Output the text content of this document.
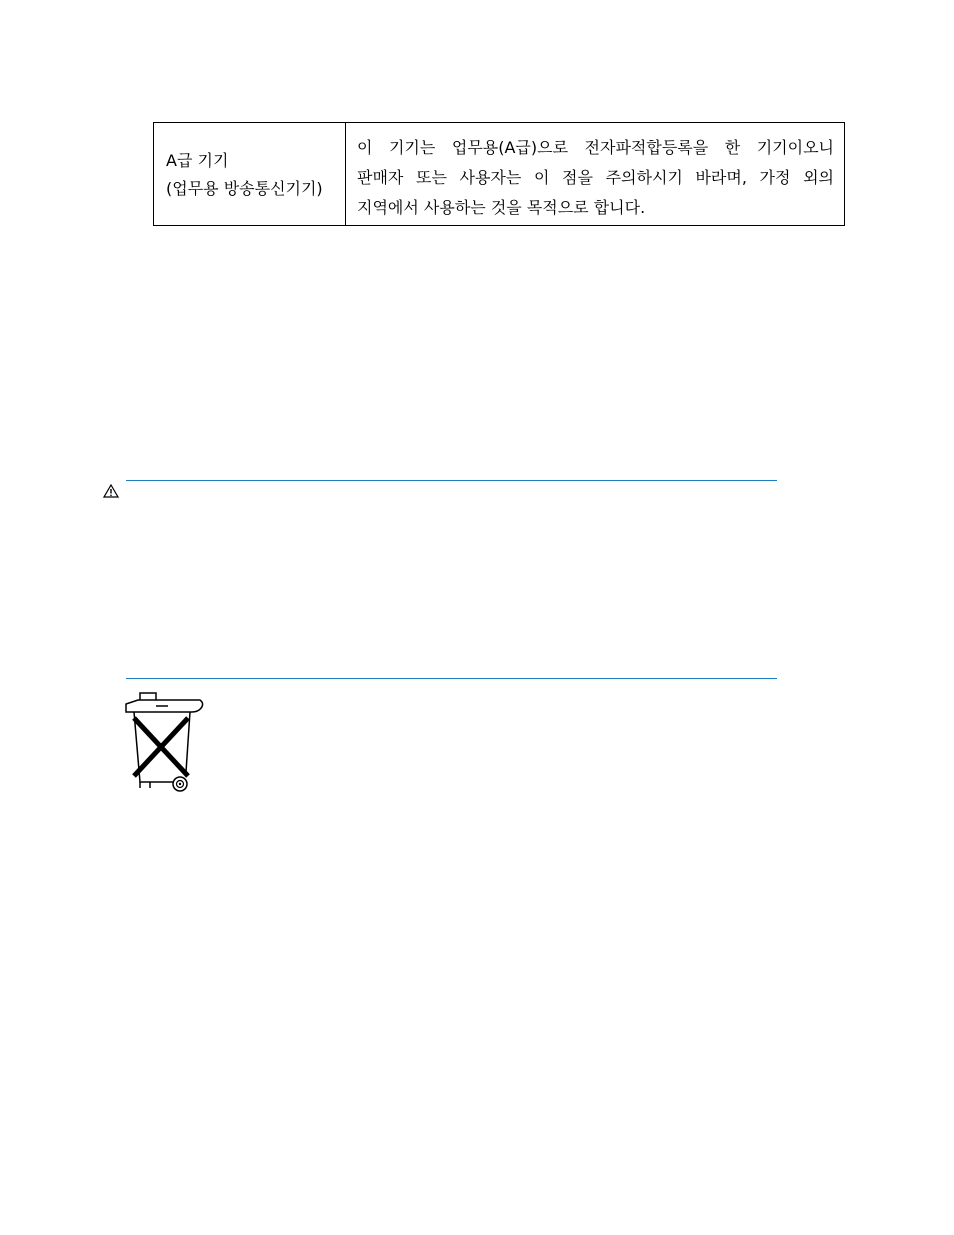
A급 기기
(업무용 방송통신기기)
이 기기는 업무용(A급)으로 전자파적합등록을 한 기기이오니
판매자 또는 사용자는 이 점을 주의하시기 바라며, 가정 외의
지역에서 사용하는 것을 목적으로 합니다.
